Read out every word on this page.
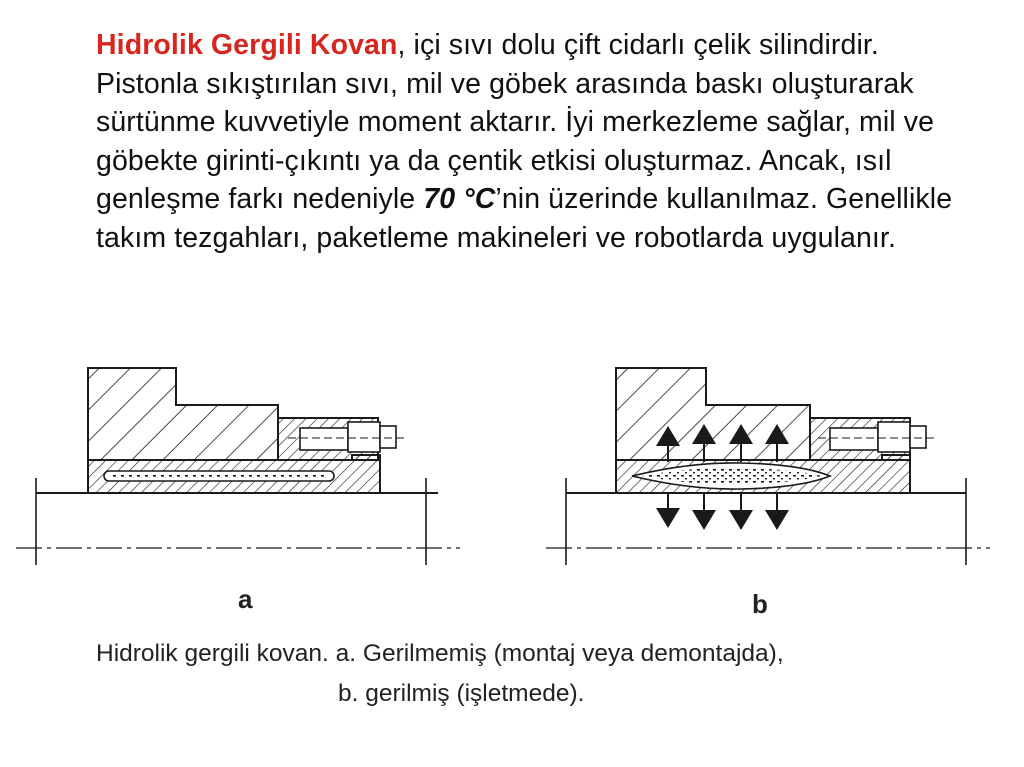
Hidrolik Gergili Kovan, içi sıvı dolu çift cidarlı çelik silindirdir. Pistonla sıkıştırılan sıvı, mil ve göbek arasında baskı oluşturarak sürtünme kuvvetiyle moment aktarır. İyi merkezleme sağlar, mil ve göbekte girinti-çıkıntı ya da çentik etkisi oluşturmaz. Ancak, ısıl genleşme farkı nedeniyle 70 °C’nin üzerinde kullanılmaz. Genellikle takım tezgahları, paketleme makineleri ve robotlarda uygulanır.
a	b
Hidrolik gergili kovan. a. Gerilmemiş (montaj veya demontajda),
b. gerilmiş (işletmede).
